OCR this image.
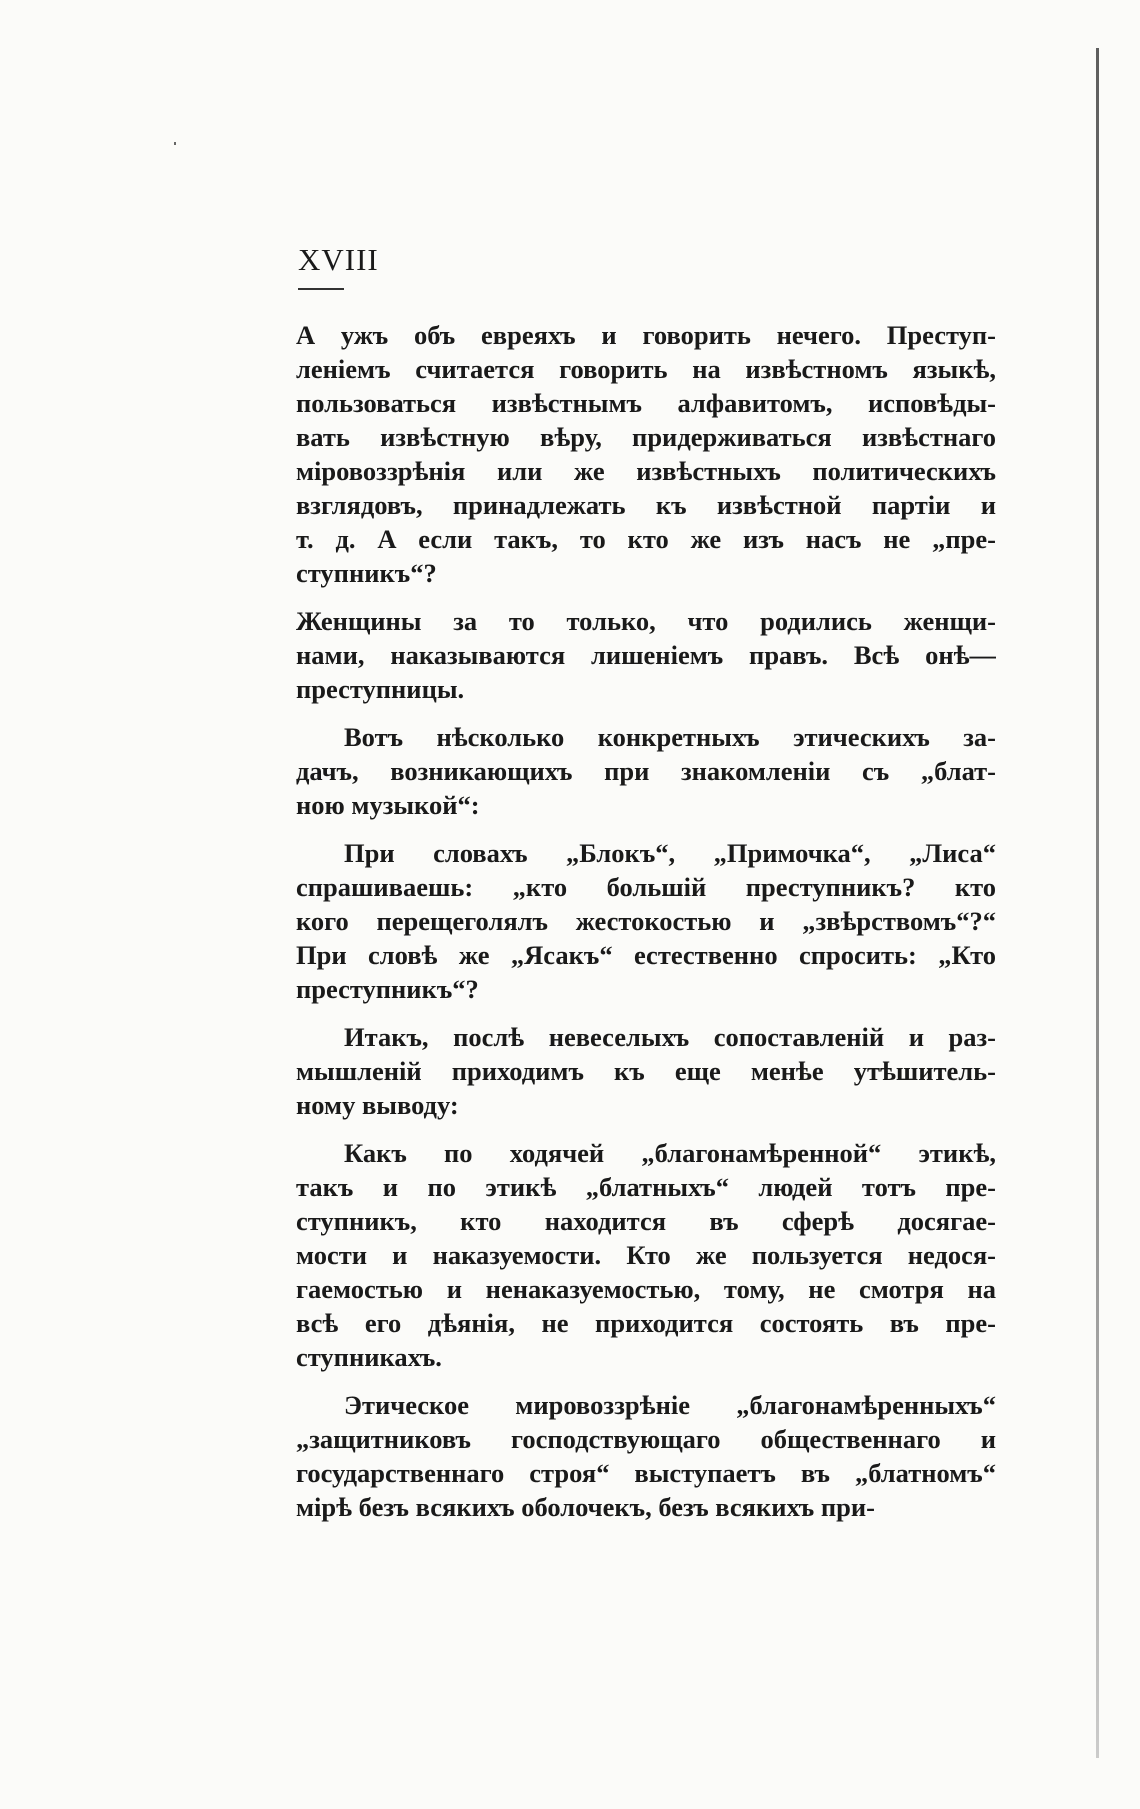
XVIII
А ужъ объ евреяхъ и говорить нечего. Преступ-
ленiемъ считается говорить на извѣстномъ языкѣ,
пользоваться извѣстнымъ алфавитомъ, исповѣды-
вать извѣстную вѣру, придерживаться извѣстнаго
мiровоззрѣнiя или же извѣстныхъ политическихъ
взглядовъ, принадлежать къ извѣстной партiи и
т. д. А если такъ, то кто же изъ насъ не „пре-
ступникъ“?
Женщины за то только, что родились женщи-
нами, наказываются лишенiемъ правъ. Всѣ онѣ—
преступницы.
Вотъ нѣсколько конкретныхъ этическихъ за-
дачъ, возникающихъ при знакомленiи съ „блат-
ною музыкой“:
При словахъ „Блокъ“, „Примочка“, „Лиса“
спрашиваешь: „кто большiй преступникъ? кто
кого перещеголялъ жестокостью и „звѣрствомъ“?“
При словѣ же „Ясакъ“ естественно спросить: „Кто
преступникъ“?
Итакъ, послѣ невеселыхъ сопоставленiй и раз-
мышленiй приходимъ къ еще менѣе утѣшитель-
ному выводу:
Какъ по ходячей „благонамѣренной“ этикѣ,
такъ и по этикѣ „блатныхъ“ людей тотъ пре-
ступникъ, кто находится въ сферѣ досягае-
мости и наказуемости. Кто же пользуется недося-
гаемостью и ненаказуемостью, тому, не смотря на
всѣ его дѣянiя, не приходится состоять въ пре-
ступникахъ.
Этическое мировоззрѣнiе „благонамѣренныхъ“
„защитниковъ господствующаго общественнаго и
государственнаго строя“ выступаетъ въ „блатномъ“
мiрѣ безъ всякихъ оболочекъ, безъ всякихъ при-
